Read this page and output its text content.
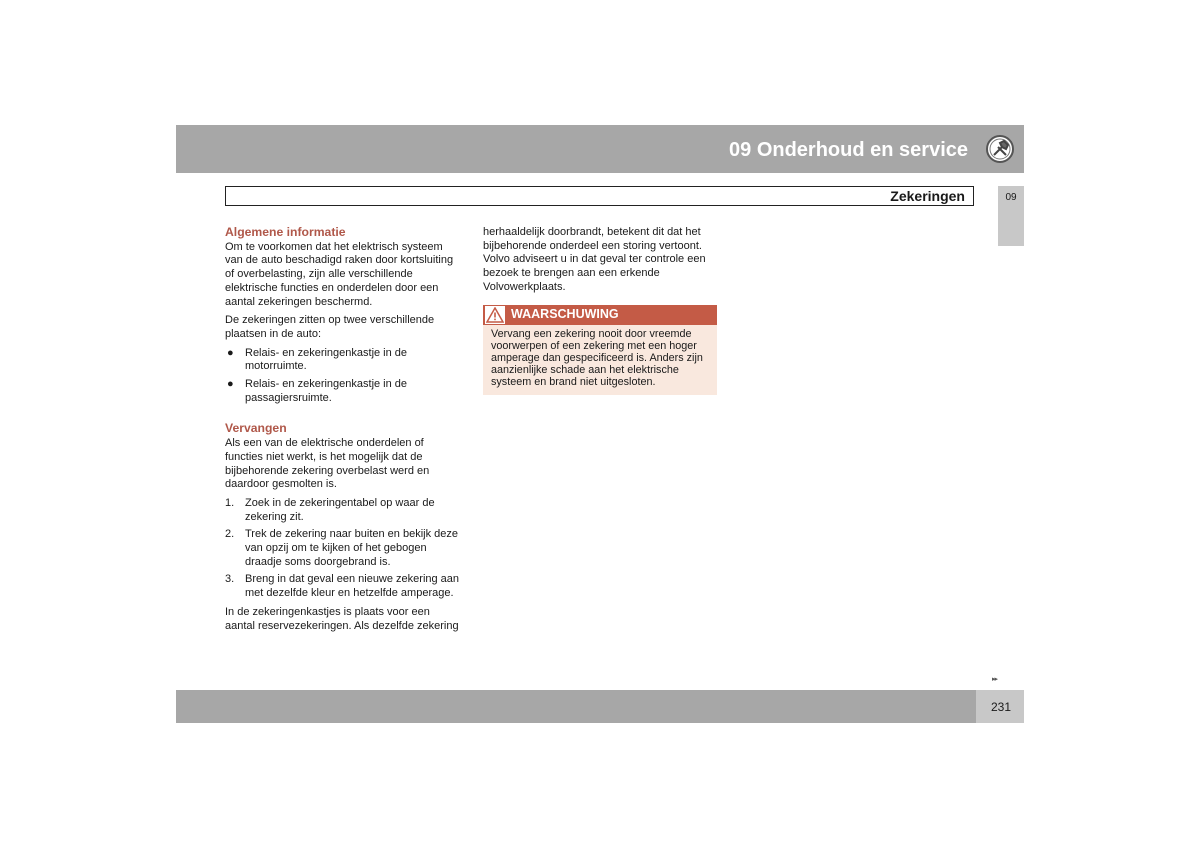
09 Onderhoud en service
Zekeringen	09
Algemene informatie

Om te voorkomen dat het elektrisch systeem van de auto beschadigd raken door kortsluiting of overbelasting, zijn alle verschillende elektrische functies en onderdelen door een aantal zekeringen beschermd.

De zekeringen zitten op twee verschillende plaatsen in de auto:

● Relais- en zekeringenkastje in de motorruimte.
● Relais- en zekeringenkastje in de passagiersruimte.
Vervangen

Als een van de elektrische onderdelen of functies niet werkt, is het mogelijk dat de bijbehorende zekering overbelast werd en daardoor gesmolten is.

1. Zoek in de zekeringentabel op waar de zekering zit.
2. Trek de zekering naar buiten en bekijk deze van opzij om te kijken of het gebogen draadje soms doorgebrand is.
3. Breng in dat geval een nieuwe zekering aan met dezelfde kleur en hetzelfde amperage.

In de zekeringenkastjes is plaats voor een aantal reservezekeringen. Als dezelfde zekering

herhaaldelijk doorbrandt, betekent dit dat het bijbehorende onderdeel een storing vertoont. Volvo adviseert u in dat geval ter controle een bezoek te brengen aan een erkende Volvowerkplaats.

WAARSCHUWING
Vervang een zekering nooit door vreemde voorwerpen of een zekering met een hoger amperage dan gespecificeerd is. Anders zijn aanzienlijke schade aan het elektrische systeem en brand niet uitgesloten.
▸▸
231
